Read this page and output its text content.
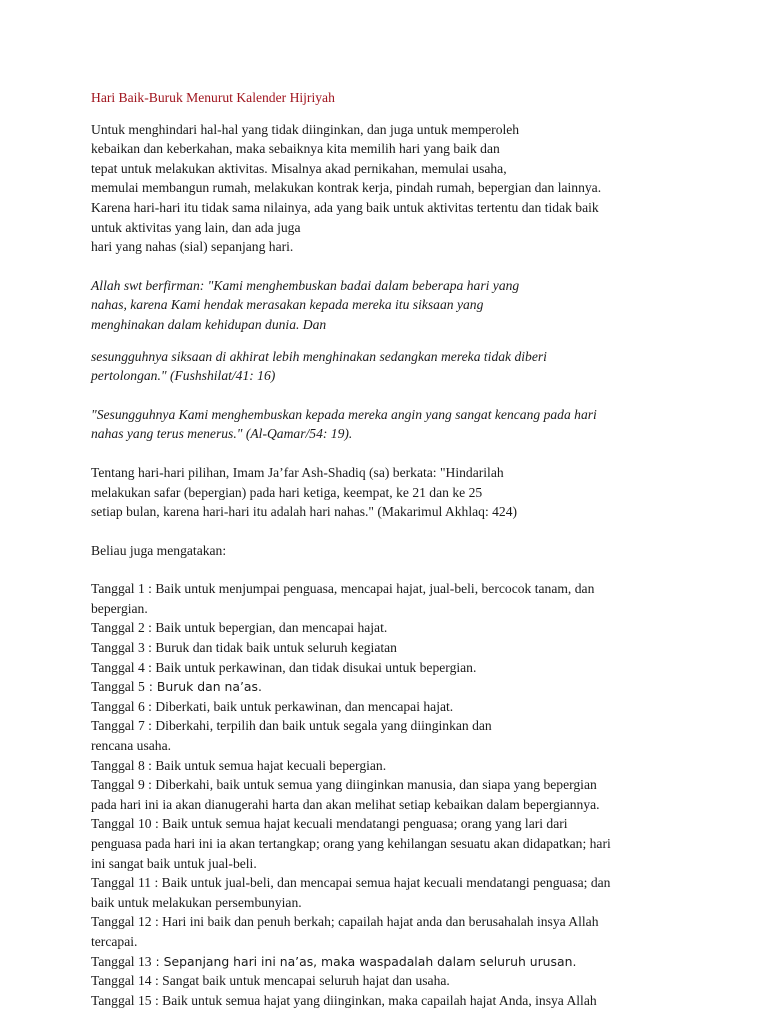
Hari Baik-Buruk Menurut Kalender Hijriyah
Untuk menghindari hal-hal yang tidak diinginkan, dan juga untuk memperoleh
kebaikan dan keberkahan, maka sebaiknya kita memilih hari yang baik dan
tepat untuk melakukan aktivitas. Misalnya akad pernikahan, memulai usaha,
memulai membangun rumah, melakukan kontrak kerja, pindah rumah, bepergian dan lainnya.
Karena hari-hari itu tidak sama nilainya, ada yang baik untuk aktivitas tertentu dan tidak baik
untuk aktivitas yang lain, dan ada juga
hari yang nahas (sial) sepanjang hari.
Allah swt berfirman: "Kami menghembuskan badai dalam beberapa hari yang
nahas, karena Kami hendak merasakan kepada mereka itu siksaan yang
menghinakan dalam kehidupan dunia. Dan
sesungguhnya siksaan di akhirat lebih menghinakan sedangkan mereka tidak diberi
pertolongan." (Fushshilat/41: 16)
"Sesungguhnya Kami menghembuskan kepada mereka angin yang sangat kencang pada hari
nahas yang terus menerus." (Al-Qamar/54: 19).
Tentang hari-hari pilihan, Imam Ja’far Ash-Shadiq (sa) berkata: "Hindarilah
melakukan safar (bepergian) pada hari ketiga, keempat, ke 21 dan ke 25
setiap bulan, karena hari-hari itu adalah hari nahas." (Makarimul Akhlaq: 424)
Beliau juga mengatakan:
Tanggal 1 : Baik untuk menjumpai penguasa, mencapai hajat, jual-beli, bercocok tanam, dan
bepergian.
Tanggal 2 : Baik untuk bepergian, dan mencapai hajat.
Tanggal 3 : Buruk dan tidak baik untuk seluruh kegiatan
Tanggal 4 : Baik untuk perkawinan, dan tidak disukai untuk bepergian.
Tanggal 5 : Buruk dan na’as.
Tanggal 6 : Diberkati, baik untuk perkawinan, dan mencapai hajat.
Tanggal 7 : Diberkahi, terpilih dan baik untuk segala yang diinginkan dan
rencana usaha.
Tanggal 8 : Baik untuk semua hajat kecuali bepergian.
Tanggal 9 : Diberkahi, baik untuk semua yang diinginkan manusia, dan siapa yang bepergian
pada hari ini ia akan dianugerahi harta dan akan melihat setiap kebaikan dalam bepergiannya.
Tanggal 10 : Baik untuk semua hajat kecuali mendatangi penguasa; orang yang lari dari
penguasa pada hari ini ia akan tertangkap; orang yang kehilangan sesuatu akan didapatkan; hari
ini sangat baik untuk jual-beli.
Tanggal 11 : Baik untuk jual-beli, dan mencapai semua hajat kecuali mendatangi penguasa; dan
baik untuk melakukan persembunyian.
Tanggal 12 : Hari ini baik dan penuh berkah; capailah hajat anda dan berusahalah insya Allah
tercapai.
Tanggal 13 : Sepanjang hari ini na’as, maka waspadalah dalam seluruh urusan.
Tanggal 14 : Sangat baik untuk mencapai seluruh hajat dan usaha.
Tanggal 15 : Baik untuk semua hajat yang diinginkan, maka capailah hajat Anda, insya Allah
